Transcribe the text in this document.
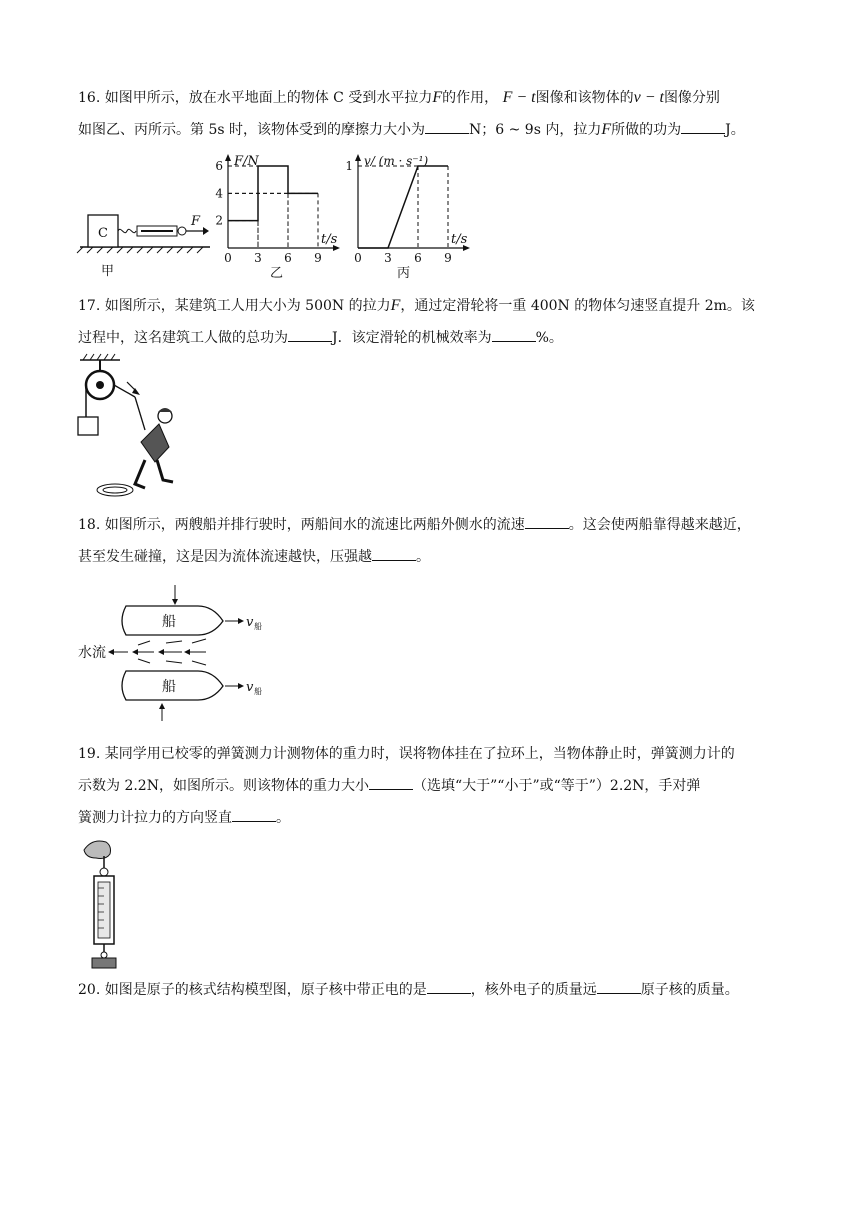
16. 如图甲所示，放在水平地面上的物体 C 受到水平拉力F的作用， F − t图像和该物体的v − t图像分别
如图乙、丙所示。第 5s 时，该物体受到的摩擦力大小为	N；6 ~ 9s 内，拉力F所做的功为	J。
C
F
甲
2
4
6
0 3 6 9
F/N
t/s
乙
1
0 3 6 9
v/ (m · s⁻¹)
t/s
丙
17. 如图所示，某建筑工人用大小为 500N 的拉力F，通过定滑轮将一重 400N 的物体匀速竖直提升 2m。该
过程中，这名建筑工人做的总功为	J．该定滑轮的机械效率为	%。
18. 如图所示，两艘船并排行驶时，两船间水的流速比两船外侧水的流速	。这会使两船靠得越来越近，
甚至发生碰撞，这是因为流体流速越快，压强越	。
船	v 船
水流
船	v 船
19. 某同学用已校零的弹簧测力计测物体的重力时，误将物体挂在了拉环上，当物体静止时，弹簧测力计的
示数为 2.2N，如图所示。则该物体的重力大小	（选填“大于”“小于”或“等于”）2.2N，手对弹
簧测力计拉力的方向竖直	。
20. 如图是原子的核式结构模型图，原子核中带正电的是	，核外电子的质量远	原子核的质量。
